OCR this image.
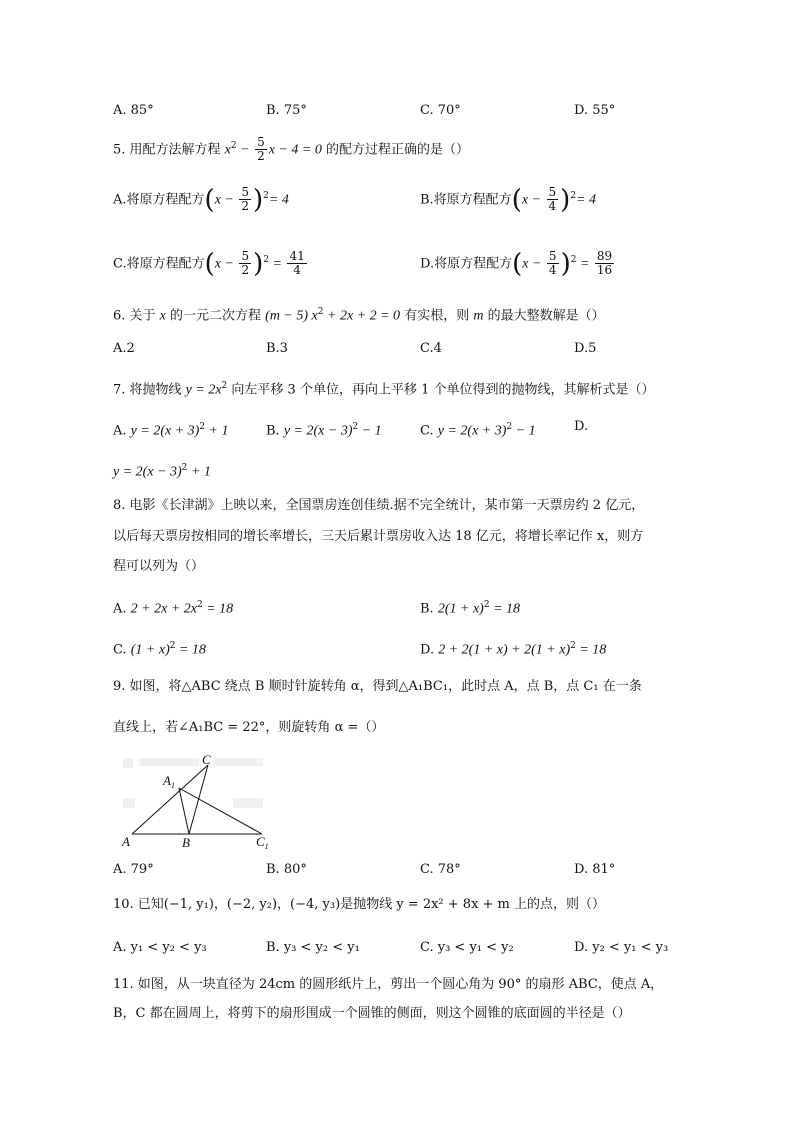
A. 85°	B. 75°	C. 70°	D. 55°
5. 用配方法解方程 $x^2 - \frac{5}{2}$ x − 4 = 0 的配方过程正确的是（）
A.将原方程配方$(x - \frac{5}{2} )^2= 4$	B.将原方程配方$(x - \frac{5}{4} )^2= 4$
C.将原方程配方$(x - \frac{5}{2} )^2 = \frac{41}{4}$	D.将原方程配方$(x - \frac{5}{4} )^2 = \frac{89}{16}$
6. 关于 x 的一元二次方程 (m − 5) $x^2 + 2x + 2 = 0$ 有实根，则 m 的最大整数解是（）
A.2	B.3	C.4	D.5
7. 将抛物线 $y = 2x^2$ 向左平移 3 个单位，再向上平移 1 个单位得到的抛物线，其解析式是（）
A. $y = 2(x + 3)^2 + 1$	B. $y = 2(x - 3)^2 - 1$	C. $y = 2(x + 3)^2 - 1$	D.
$y = 2(x - 3)^2 + 1$
8. 电影《长津湖》上映以来，全国票房连创佳绩.据不完全统计，某市第一天票房约 2 亿元，
以后每天票房按相同的增长率增长，三天后累计票房收入达 18 亿元，将增长率记作 x，则方
程可以列为（）
A. $2 + 2x + 2x^2 = 18$	B. $2(1 + x)^2 = 18$
C. $(1 + x)^2 = 18$	D. $2 + 2(1 + x) + 2(1 + x)^2 = 18$
9. 如图，将△ABC 绕点 B 顺时针旋转角 α，得到△A₁BC₁，此时点 A，点 B，点 C₁ 在一条
直线上，若∠A₁BC = 22°，则旋转角 α =（）
C
$A_1$
A	B	$C_1$
A. 79°	B. 80°	C. 78°	D. 81°
10. 已知(−1, y₁)，(−2, y₂)，(−4, y₃)是抛物线 y = 2x² + 8x + m 上的点，则（）
A. y₁ < y₂ < y₃	B. y₃ < y₂ < y₁	C. y₃ < y₁ < y₂	D. y₂ < y₁ < y₃
11. 如图，从一块直径为 24cm 的圆形纸片上，剪出一个圆心角为 90° 的扇形 ABC，使点 A，
B，C 都在圆周上，将剪下的扇形围成一个圆锥的侧面，则这个圆锥的底面圆的半径是（）
